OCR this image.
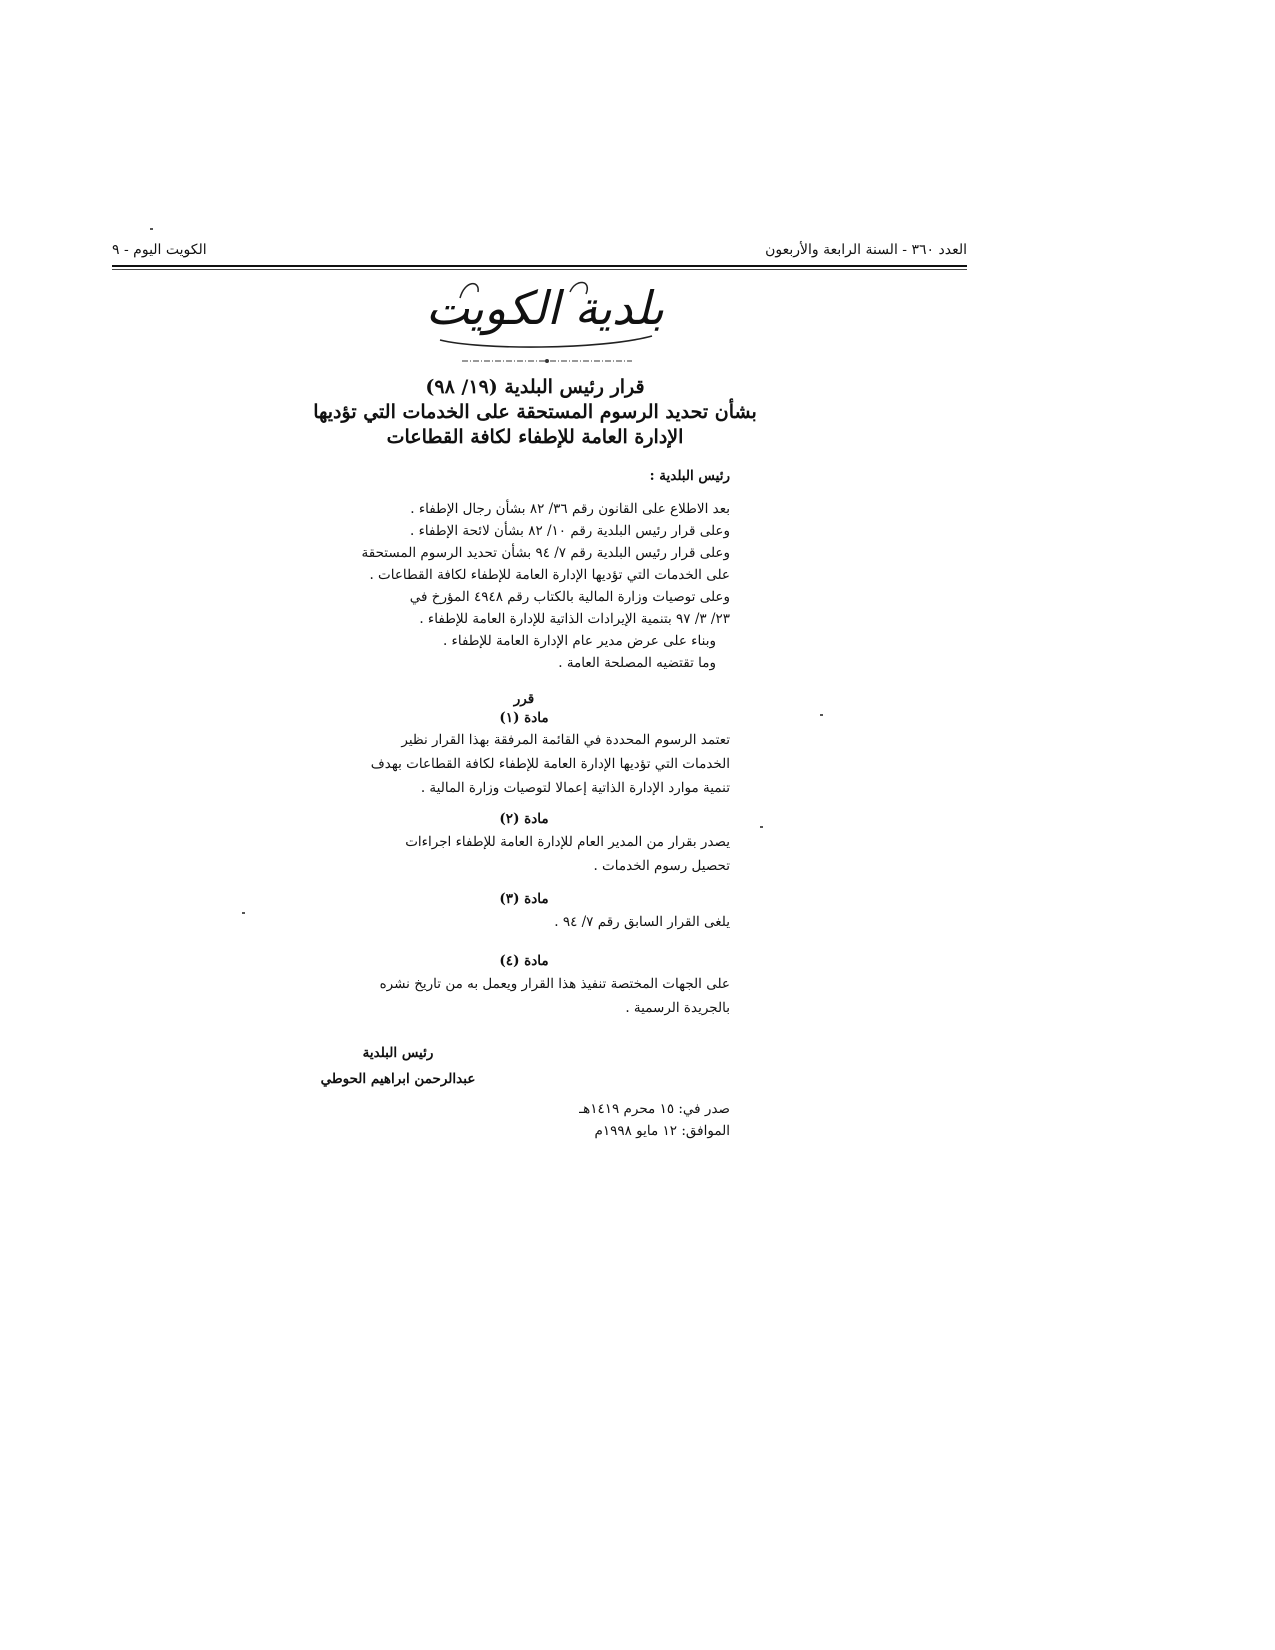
العدد ٣٦٠ - السنة الرابعة والأربعون
الكويت اليوم - ٩
بلدية الكويت
قرار رئيس البلدية (١٩/ ٩٨)
بشأن تحديد الرسوم المستحقة على الخدمات التي تؤديها
الإدارة العامة للإطفاء لكافة القطاعات
رئيس البلدية :

بعد الاطلاع على القانون رقم ٣٦/ ٨٢ بشأن رجال الإطفاء .

وعلى قرار رئيس البلدية رقم ١٠/ ٨٢ بشأن لائحة الإطفاء .

وعلى قرار رئيس البلدية رقم ٧/ ٩٤ بشأن تحديد الرسوم المستحقة

على الخدمات التي تؤديها الإدارة العامة للإطفاء لكافة القطاعات .

وعلى توصيات وزارة المالية بالكتاب رقم ٤٩٤٨ المؤرخ في

٢٣/ ٣/ ٩٧ بتنمية الإيرادات الذاتية للإدارة العامة للإطفاء .

وبناء على عرض مدير عام الإدارة العامة للإطفاء .

وما تقتضيه المصلحة العامة .

قرر
مادة (١)

تعتمد الرسوم المحددة في القائمة المرفقة بهذا القرار نظير

الخدمات التي تؤديها الإدارة العامة للإطفاء لكافة القطاعات بهدف

تنمية موارد الإدارة الذاتية إعمالا لتوصيات وزارة المالية .

مادة (٢)

يصدر بقرار من المدير العام للإدارة العامة للإطفاء اجراءات

تحصيل رسوم الخدمات .

مادة (٣)

يلغى القرار السابق رقم ٧/ ٩٤ .

مادة (٤)

على الجهات المختصة تنفيذ هذا القرار ويعمل به من تاريخ نشره

بالجريدة الرسمية .

رئيس البلدية
عبدالرحمن ابراهيم الحوطي

صدر في: ١٥ محرم ١٤١٩هـ

الموافق: ١٢ مايو ١٩٩٨م
